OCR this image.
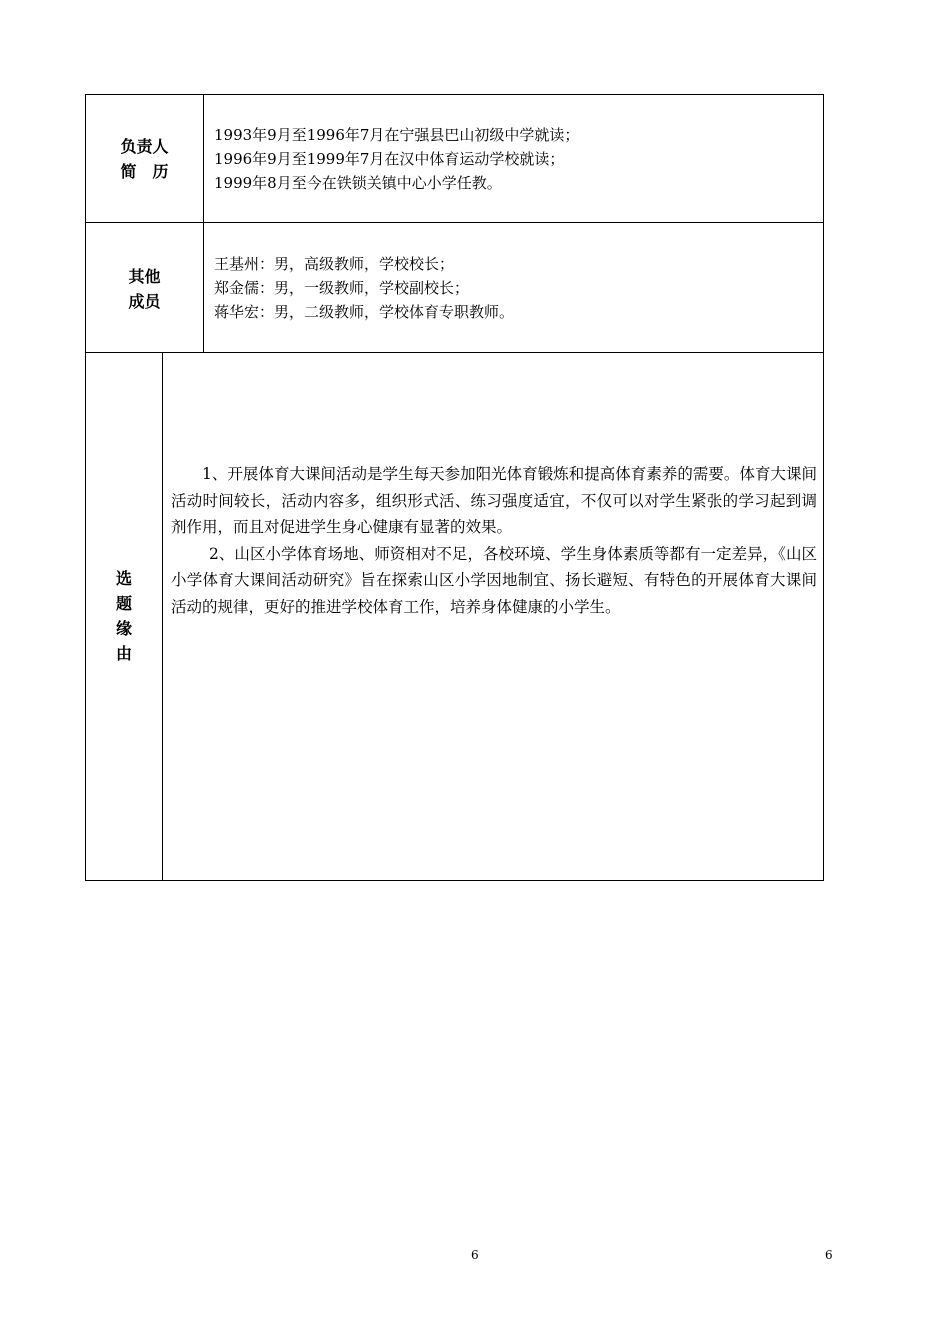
负责人
简　历
1993年9月至1996年7月在宁强县巴山初级中学就读；
1996年9月至1999年7月在汉中体育运动学校就读；
1999年8月至今在铁锁关镇中心小学任教。
其他
成员
王基州：男，高级教师，学校校长；
郑金儒：男，一级教师，学校副校长；
蒋华宏：男，二级教师，学校体育专职教师。
选
题
缘
由

1、开展体育大课间活动是学生每天参加阳光体育锻炼和提高体育素养的需要。体育大课间活动时间较长，活动内容多，组织形式活、练习强度适宜，不仅可以对学生紧张的学习起到调剂作用，而且对促进学生身心健康有显著的效果。

2、山区小学体育场地、师资相对不足，各校环境、学生身体素质等都有一定差异，《山区小学体育大课间活动研究》旨在探索山区小学因地制宜、扬长避短、有特色的开展体育大课间活动的规律，更好的推进学校体育工作，培养身体健康的小学生。

6	6
